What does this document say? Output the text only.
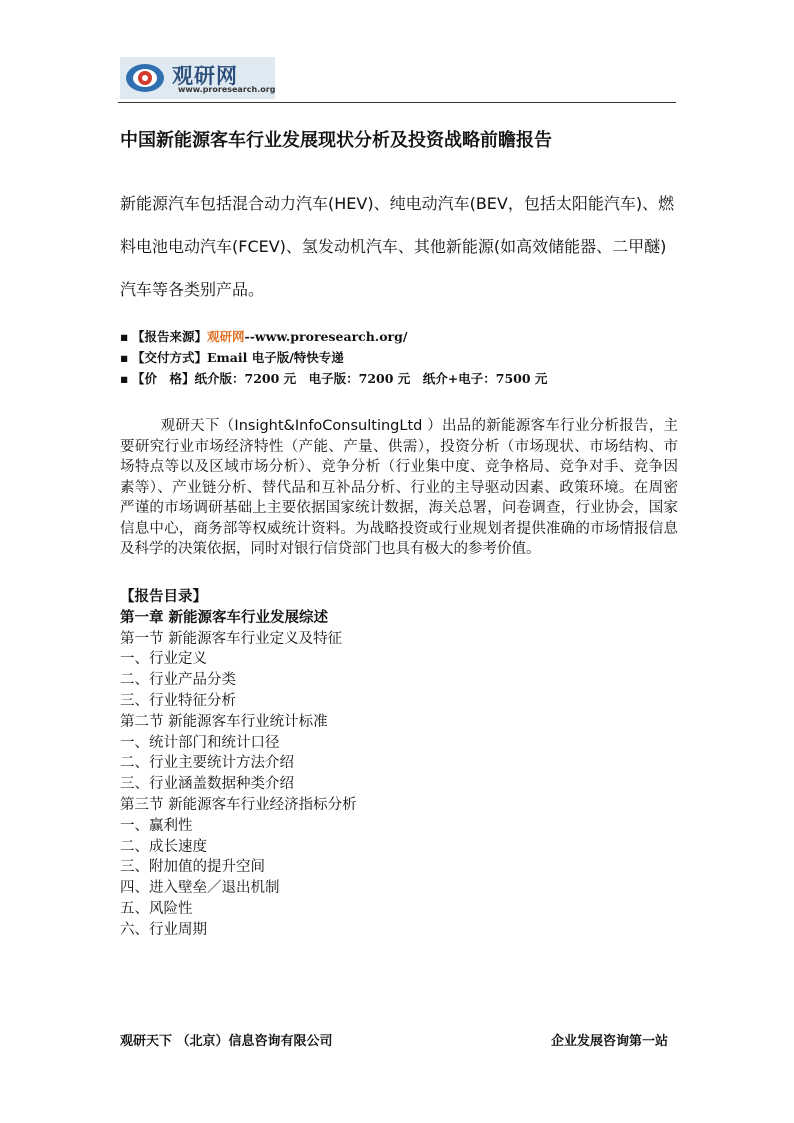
观研网
www.proresearch.org
中国新能源客车行业发展现状分析及投资战略前瞻报告

新能源汽车包括混合动力汽车(HEV)、纯电动汽车(BEV，包括太阳能汽车)、燃料电池电动汽车(FCEV)、氢发动机汽车、其他新能源(如高效储能器、二甲醚)汽车等各类别产品。

▪ 【报告来源】观研网--www.proresearch.org/
▪ 【交付方式】Email 电子版/特快专递
▪ 【价　格】纸介版：7200 元　电子版：7200 元　纸介+电子：7500 元

观研天下（Insight&InfoConsultingLtd ）出品的新能源客车行业分析报告，主要研究行业市场经济特性（产能、产量、供需），投资分析（市场现状、市场结构、市场特点等以及区域市场分析）、竞争分析（行业集中度、竞争格局、竞争对手、竞争因素等）、产业链分析、替代品和互补品分析、行业的主导驱动因素、政策环境。在周密严谨的市场调研基础上主要依据国家统计数据，海关总署，问卷调查，行业协会，国家信息中心，商务部等权威统计资料。为战略投资或行业规划者提供准确的市场情报信息及科学的决策依据，同时对银行信贷部门也具有极大的参考价值。

【报告目录】
第一章 新能源客车行业发展综述
第一节 新能源客车行业定义及特征
一、行业定义
二、行业产品分类
三、行业特征分析
第二节 新能源客车行业统计标准
一、统计部门和统计口径
二、行业主要统计方法介绍
三、行业涵盖数据种类介绍
第三节 新能源客车行业经济指标分析
一、赢利性
二、成长速度
三、附加值的提升空间
四、进入壁垒／退出机制
五、风险性
六、行业周期
观研天下 （北京）信息咨询有限公司	企业发展咨询第一站
